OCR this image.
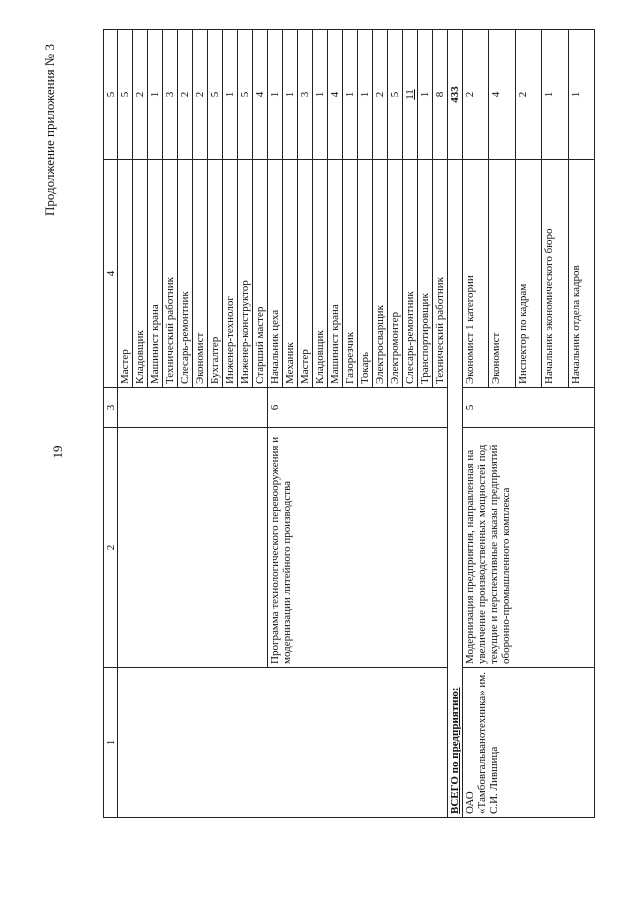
19
Продолжение приложения № 3
1	2	3	4	5
			Мастер	5
			Кладовщик	2
			Машинист крана	1
			Технический работник	3
			Слесарь-ремонтник	2
			Экономист	2
			Бухгалтер	5
			Инженер-технолог	1
			Инженер-конструктор	5
			Старший мастер	4
	Программа технологического перевооружения и модернизации литейного производства	6	Начальник цеха	1
			Механик	1
			Мастер	3
			Кладовщик	1
			Машинист крана	4
			Газорезчик	1
			Токарь	1
			Электросварщик	2
			Электромонтер	5
			Слесарь-ремонтник	11
			Транспортировщик	1
			Технический работник	8
ВСЕГО по предприятию:				433
ОАО «Тамбовгальванотехника» им. С.И. Лившица	Модернизация предприятия, направленная на увеличение производственных мощностей под текущие и перспективные заказы предприятий оборонно-промышленного комплекса	5	Экономист 1 категории	2
			Экономист	4
			Инспектор по кадрам	2
			Начальник экономического бюро	1
			Начальник отдела кадров	1
